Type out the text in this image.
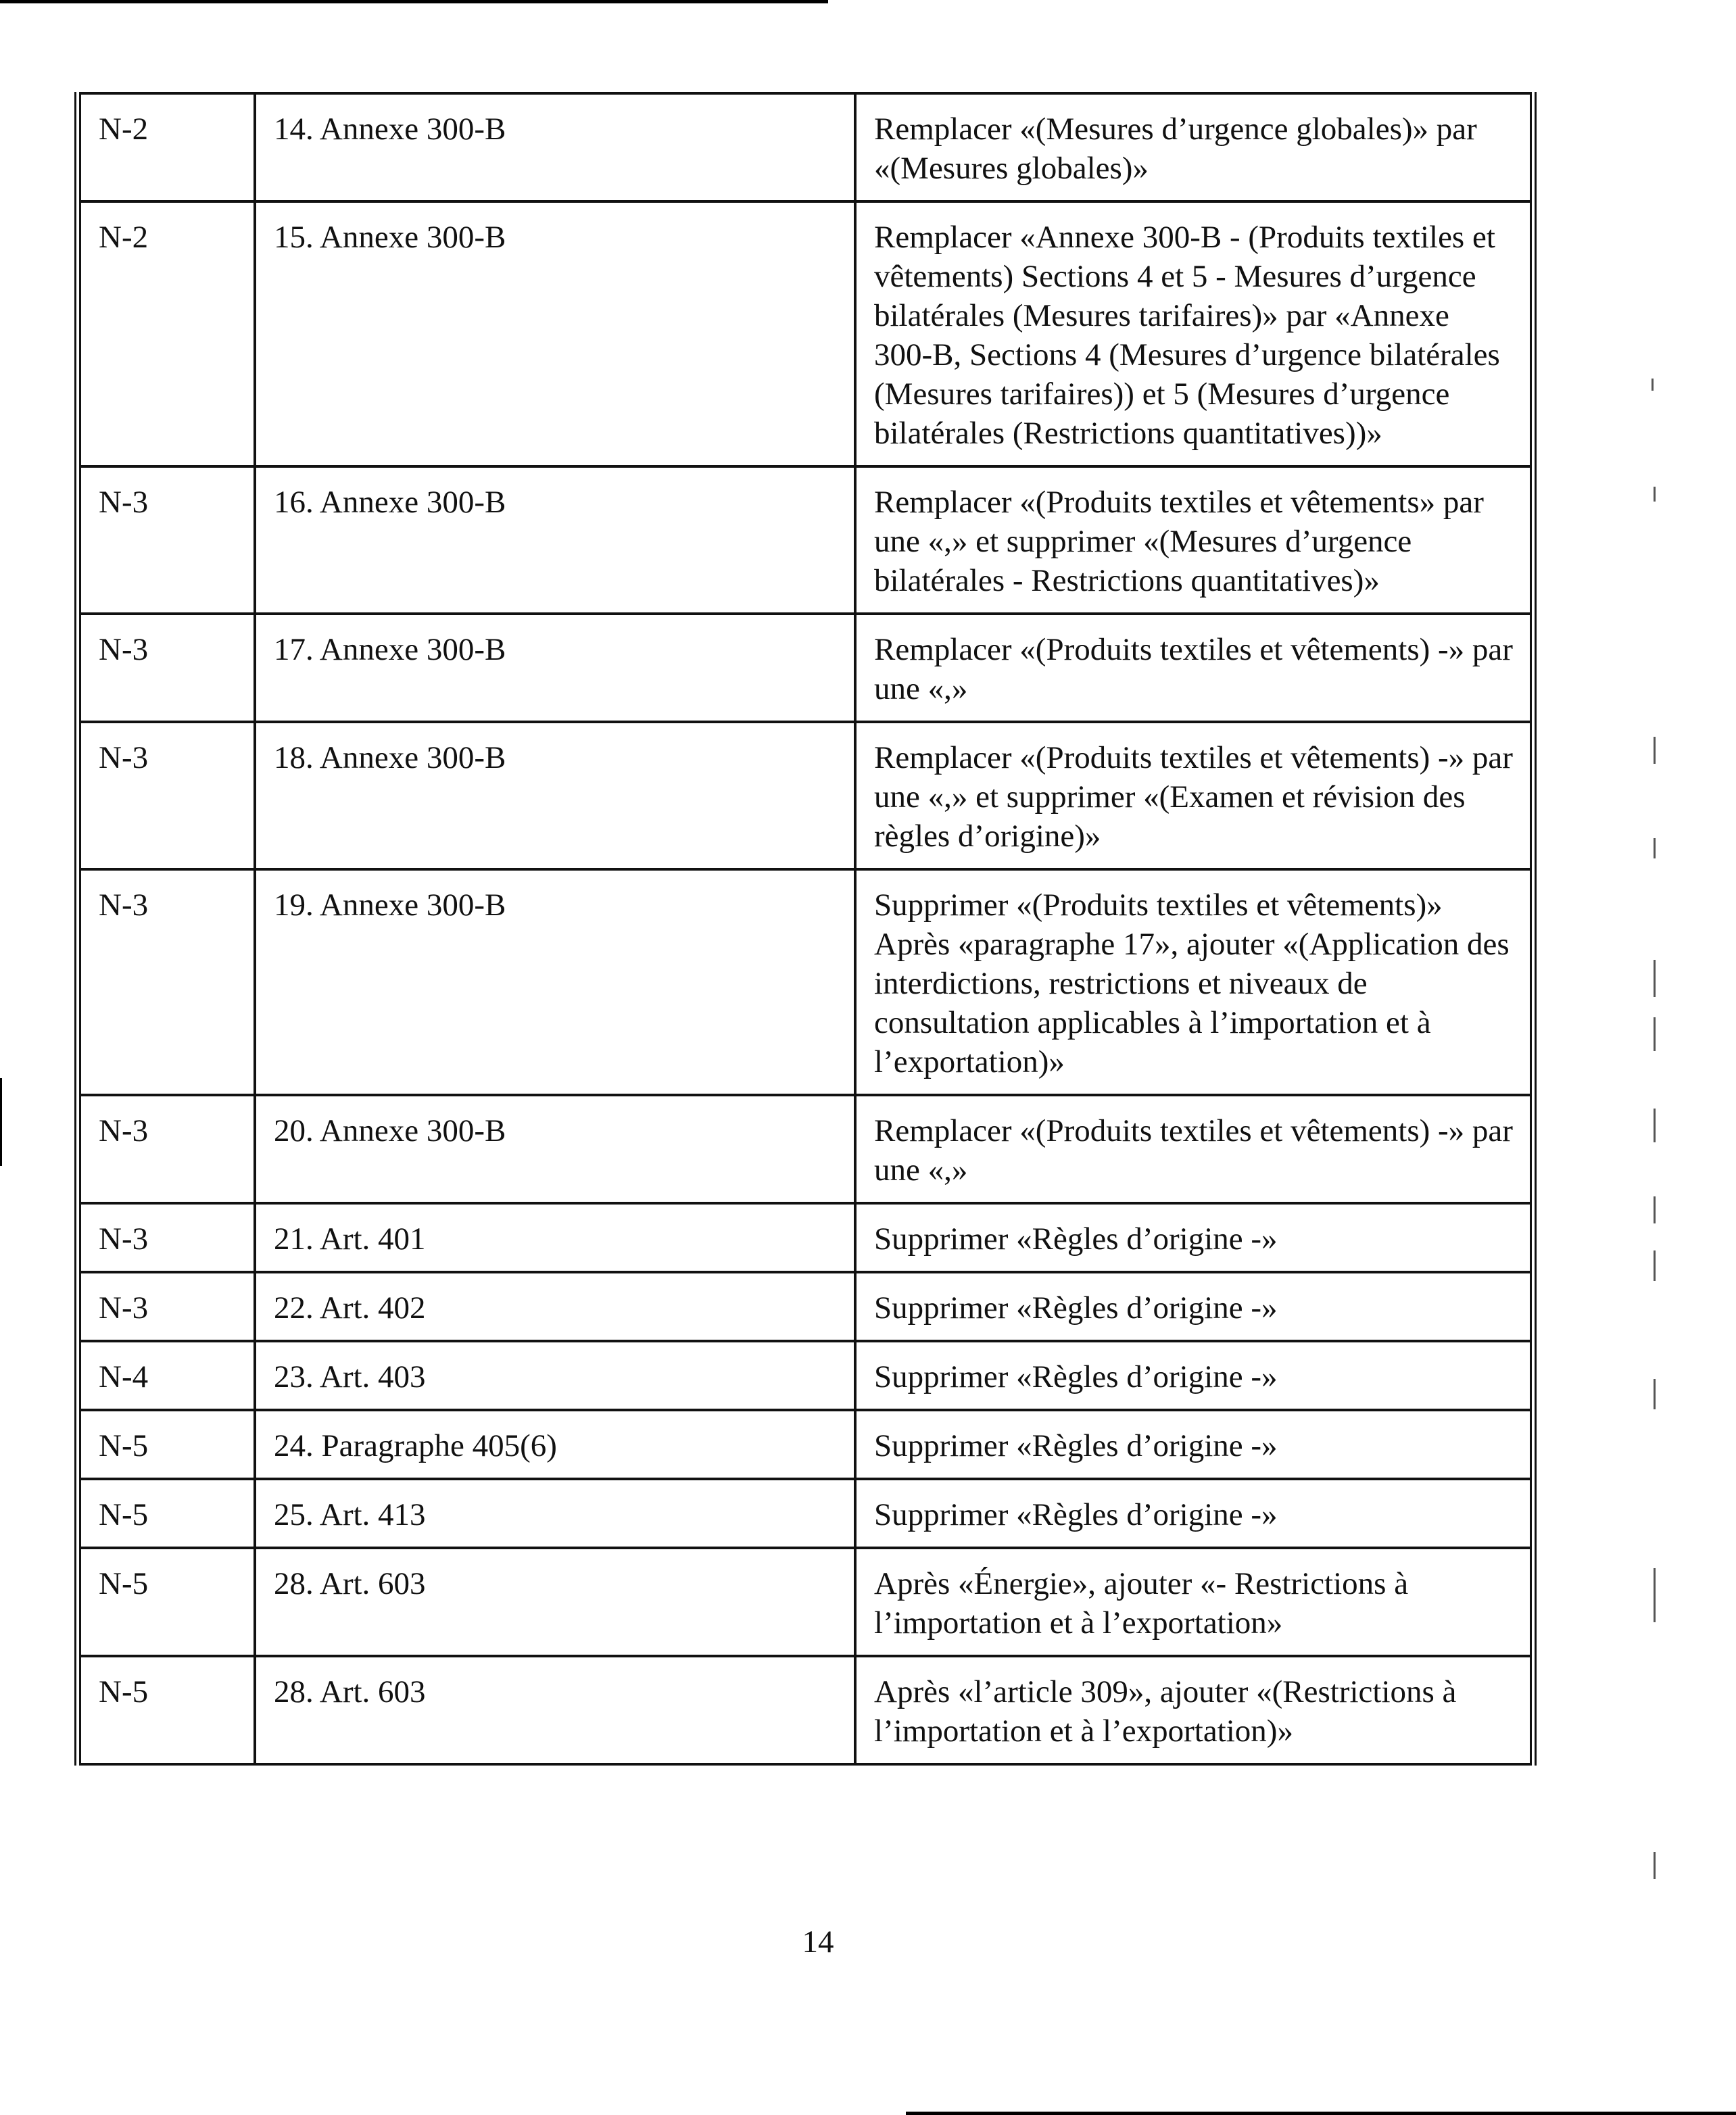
N-2	14. Annexe 300-B	Remplacer «(Mesures d’urgence globales)» par «(Mesures globales)»
N-2	15. Annexe 300-B	Remplacer «Annexe 300-B - (Produits textiles et vêtements) Sections 4 et 5 - Mesures d’urgence bilatérales (Mesures tarifaires)» par «Annexe 300-B, Sections 4 (Mesures d’urgence bilatérales (Mesures tarifaires)) et 5 (Mesures d’urgence bilatérales (Restrictions quantitatives))»
N-3	16. Annexe 300-B	Remplacer «(Produits textiles et vêtements» par une «,» et supprimer «(Mesures d’urgence bilatérales - Restrictions quantitatives)»
N-3	17. Annexe 300-B	Remplacer «(Produits textiles et vêtements) -» par une «,»
N-3	18. Annexe 300-B	Remplacer «(Produits textiles et vêtements) -» par une «,» et supprimer «(Examen et révision des règles d’origine)»
N-3	19. Annexe 300-B	Supprimer «(Produits textiles et vêtements)» Après «paragraphe 17», ajouter «(Application des interdictions, restrictions et niveaux de consultation applicables à l’importation et à l’exportation)»
N-3	20. Annexe 300-B	Remplacer «(Produits textiles et vêtements) -» par une «,»
N-3	21. Art. 401	Supprimer «Règles d’origine -»
N-3	22. Art. 402	Supprimer «Règles d’origine -»
N-4	23. Art. 403	Supprimer «Règles d’origine -»
N-5	24. Paragraphe 405(6)	Supprimer «Règles d’origine -»
N-5	25. Art. 413	Supprimer «Règles d’origine -»
N-5	28. Art. 603	Après «Énergie», ajouter «- Restrictions à l’importation et à l’exportation»
N-5	28. Art. 603	Après «l’article 309», ajouter «(Restrictions à l’importation et à l’exportation)»
14
